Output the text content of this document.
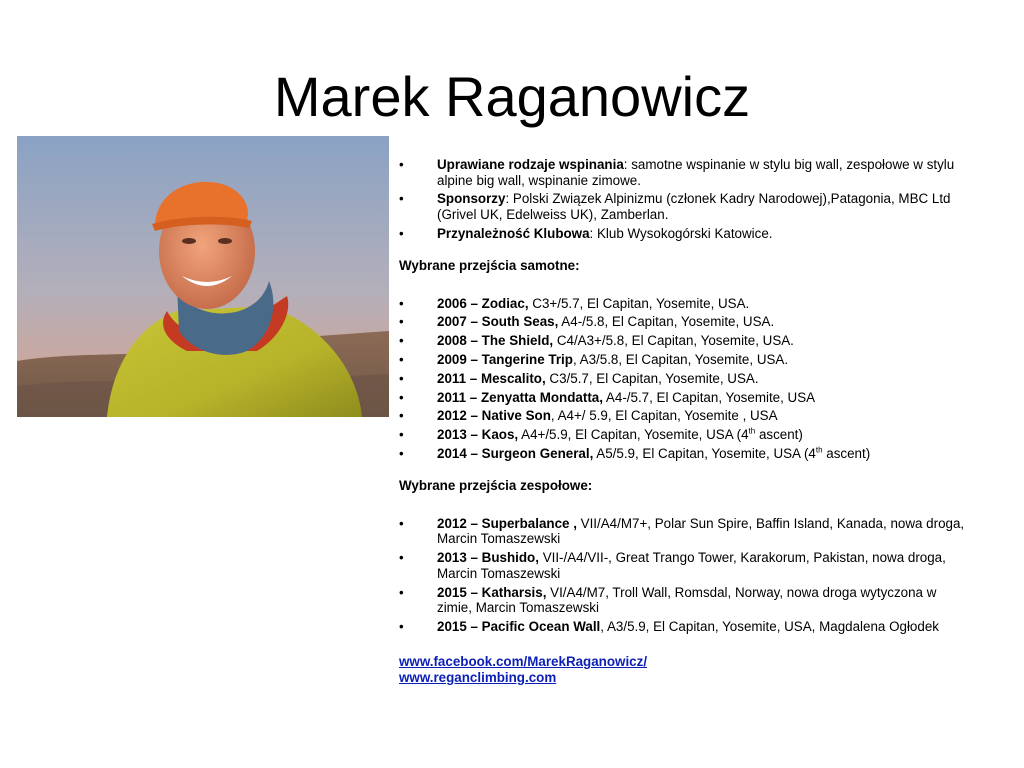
Marek Raganowicz
• Uprawiane rodzaje wspinania: samotne wspinanie w stylu big wall, zespołowe w stylu alpine big wall, wspinanie zimowe.
• Sponsorzy: Polski Związek Alpinizmu (członek Kadry Narodowej),Patagonia, MBC Ltd (Grivel UK, Edelweiss UK), Zamberlan.
• Przynależność Klubowa: Klub Wysokogórski Katowice.
Wybrane przejścia samotne:
• 2006 – Zodiac, C3+/5.7, El Capitan, Yosemite, USA.
• 2007 – South Seas, A4-/5.8, El Capitan, Yosemite, USA.
• 2008 – The Shield, C4/A3+/5.8, El Capitan, Yosemite, USA.
• 2009 – Tangerine Trip, A3/5.8, El Capitan, Yosemite, USA.
• 2011 – Mescalito, C3/5.7, El Capitan, Yosemite, USA.
• 2011 – Zenyatta Mondatta, A4-/5.7, El Capitan, Yosemite, USA
• 2012 – Native Son, A4+/ 5.9, El Capitan, Yosemite , USA
• 2013 – Kaos, A4+/5.9, El Capitan, Yosemite, USA (4th ascent)
• 2014 – Surgeon General, A5/5.9, El Capitan, Yosemite, USA (4th ascent)
Wybrane przejścia zespołowe:
• 2012 – Superbalance , VII/A4/M7+, Polar Sun Spire, Baffin Island, Kanada, nowa droga, Marcin Tomaszewski
• 2013 – Bushido, VII-/A4/VII-, Great Trango Tower, Karakorum, Pakistan, nowa droga, Marcin Tomaszewski
• 2015 – Katharsis, VI/A4/M7, Troll Wall, Romsdal, Norway, nowa droga wytyczona w zimie, Marcin Tomaszewski
• 2015 – Pacific Ocean Wall, A3/5.9, El Capitan, Yosemite, USA, Magdalena Ogłodek
www.facebook.com/MarekRaganowicz/
www.reganclimbing.com
